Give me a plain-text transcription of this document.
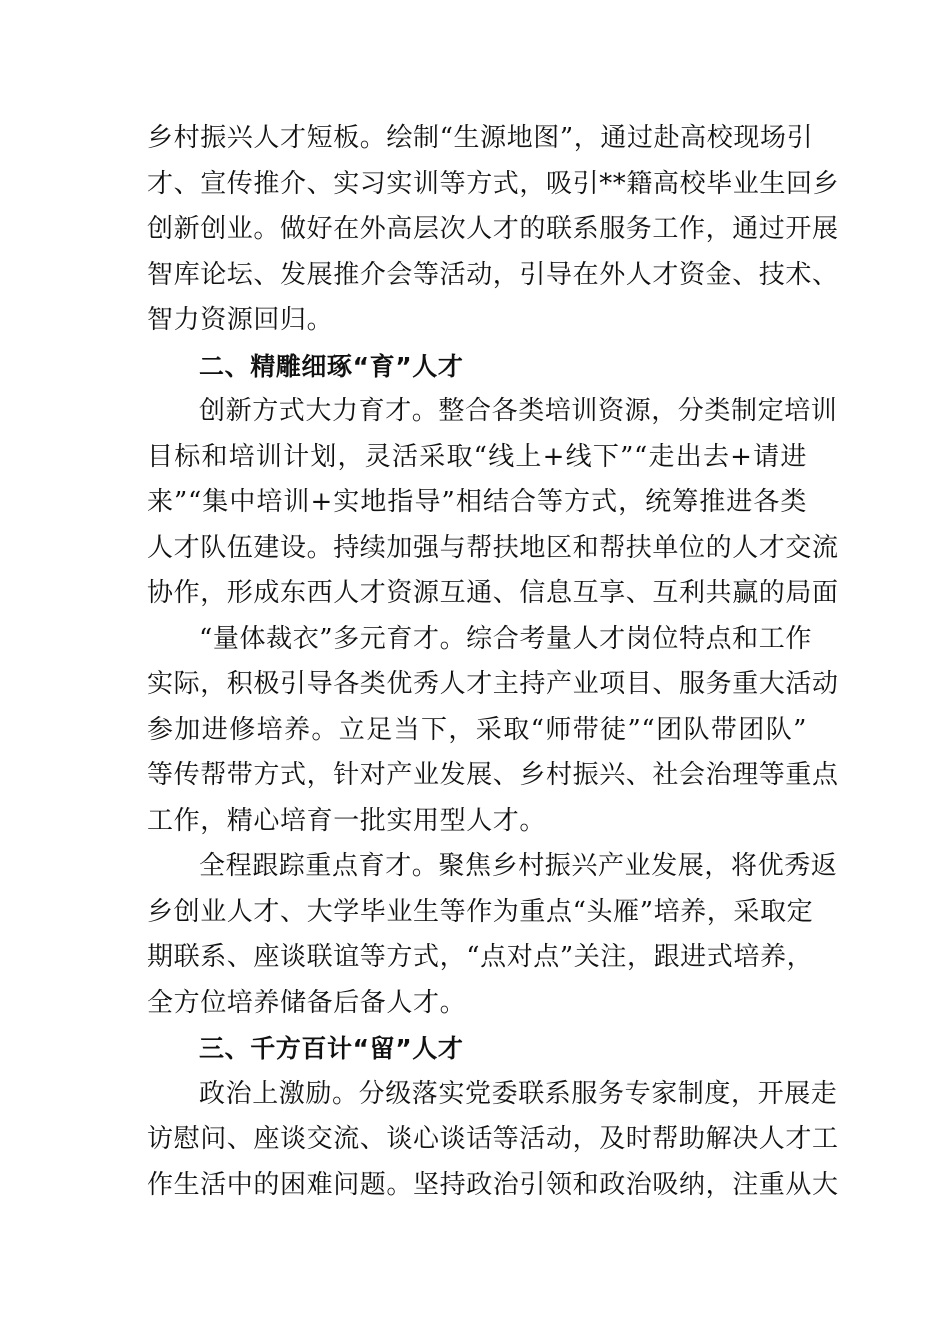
乡村振兴人才短板。绘制“生源地图”，通过赴高校现场引
才、宣传推介、实习实训等方式，吸引**籍高校毕业生回乡
创新创业。做好在外高层次人才的联系服务工作，通过开展
智库论坛、发展推介会等活动，引导在外人才资金、技术、
智力资源回归。
二、精雕细琢“育”人才
创新方式大力育才。整合各类培训资源，分类制定培训
目标和培训计划，灵活采取“线上+线下”“走出去+请进
来”“集中培训+实地指导”相结合等方式，统筹推进各类
人才队伍建设。持续加强与帮扶地区和帮扶单位的人才交流
协作，形成东西人才资源互通、信息互享、互利共赢的局面
“量体裁衣”多元育才。综合考量人才岗位特点和工作
实际，积极引导各类优秀人才主持产业项目、服务重大活动
参加进修培养。立足当下，采取“师带徒”“团队带团队”
等传帮带方式，针对产业发展、乡村振兴、社会治理等重点
工作，精心培育一批实用型人才。
全程跟踪重点育才。聚焦乡村振兴产业发展，将优秀返
乡创业人才、大学毕业生等作为重点“头雁”培养，采取定
期联系、座谈联谊等方式，“点对点”关注，跟进式培养，
全方位培养储备后备人才。
三、千方百计“留”人才
政治上激励。分级落实党委联系服务专家制度，开展走
访慰问、座谈交流、谈心谈话等活动，及时帮助解决人才工
作生活中的困难问题。坚持政治引领和政治吸纳，注重从大
